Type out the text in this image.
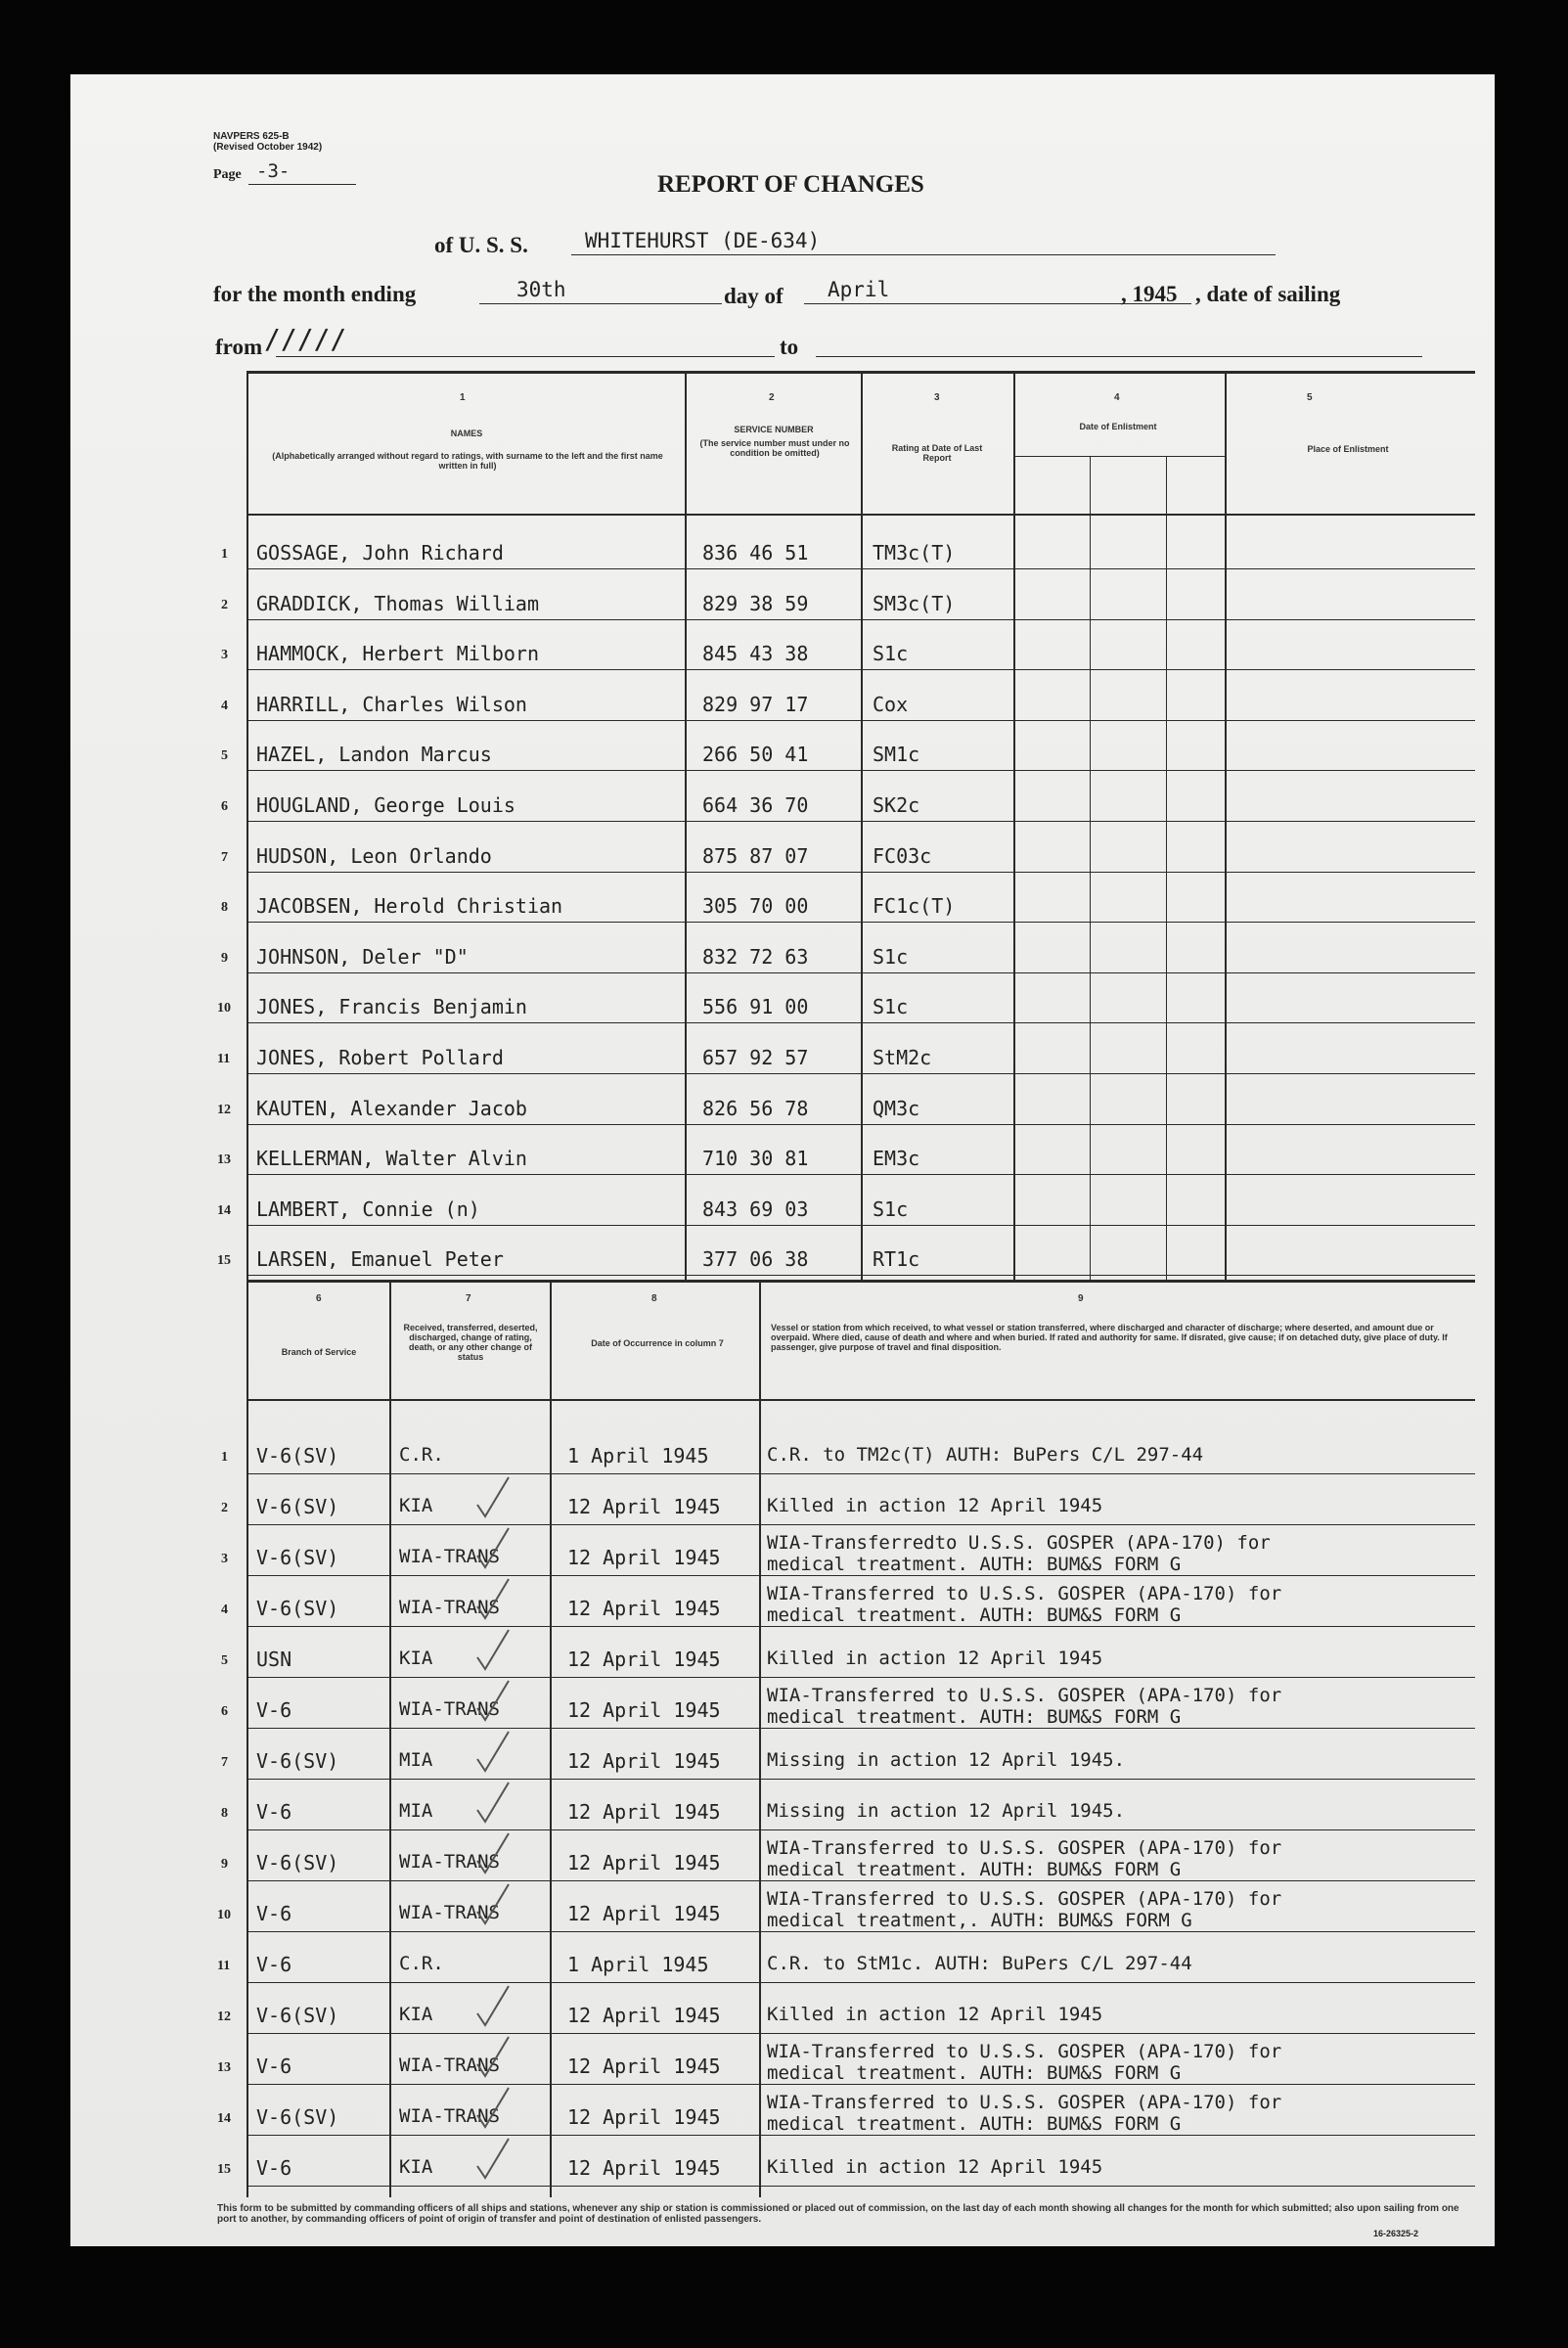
NAVPERS 625-B
(Revised October 1942)
Page -3-	REPORT OF CHANGES
of U. S. S.	WHITEHURST (DE-634)
for the month ending	30th	day of April	, 1945 , date of sailing
from /////	to
1
NAMES
(Alphabetically arranged without regard to ratings, with surname to the left and the first name written in full)
2
SERVICE NUMBER
(The service number must under no condition be omitted)
3
Rating at Date of Last Report
4
Date of Enlistment
5
Place of Enlistment
1 GOSSAGE, John Richard	836 46 51	TM3c(T)
2 GRADDICK, Thomas William	829 38 59	SM3c(T)
3 HAMMOCK, Herbert Milborn	845 43 38	S1c
4 HARRILL, Charles Wilson	829 97 17	Cox
5 HAZEL, Landon Marcus	266 50 41	SM1c
6 HOUGLAND, George Louis	664 36 70	SK2c
7 HUDSON, Leon Orlando	875 87 07	FC03c
8 JACOBSEN, Herold Christian	305 70 00	FC1c(T)
9 JOHNSON, Deler "D"	832 72 63	S1c
10 JONES, Francis Benjamin	556 91 00	S1c
11 JONES, Robert Pollard	657 92 57	StM2c
12 KAUTEN, Alexander Jacob	826 56 78	QM3c
13 KELLERMAN, Walter Alvin	710 30 81	EM3c
14 LAMBERT, Connie (n)	843 69 03	S1c
15 LARSEN, Emanuel Peter	377 06 38	RT1c
6
Branch of Service
7
Received, transferred, deserted, discharged, change of rating, death, or any other change of status
8
Date of Occurrence in column 7
9
Vessel or station from which received, to what vessel or station transferred, where discharged and character of discharge; where deserted, and amount due or overpaid. Where died, cause of death and where and when buried. If rated and authority for same. If disrated, give cause; if on detached duty, give place of duty. If passenger, give purpose of travel and final disposition.
1 V-6(SV)	C.R.	1 April 1945	C.R. to TM2c(T) AUTH: BuPers C/L 297-44
2 V-6(SV)	KIA	12 April 1945 Killed in action 12 April 1945
3 V-6(SV)	WIA-TRANS	12 April 1945
WIA-Transferredto U.S.S. GOSPER (APA-170) for
medical treatment. AUTH: BUM&S FORM G
4 V-6(SV)	WIA-TRANS	12 April 1945
WIA-Transferred to U.S.S. GOSPER (APA-170) for
medical treatment. AUTH: BUM&S FORM G
5 USN	KIA	12 April 1945 Killed in action 12 April 1945
6 V-6	WIA-TRANS	12 April 1945
WIA-Transferred to U.S.S. GOSPER (APA-170) for
medical treatment. AUTH: BUM&S FORM G
7 V-6(SV)	MIA	12 April 1945 Missing in action 12 April 1945.
8 V-6	MIA	12 April 1945 Missing in action 12 April 1945.
9 V-6(SV)	WIA-TRANS	12 April 1945
WIA-Transferred to U.S.S. GOSPER (APA-170) for
medical treatment. AUTH: BUM&S FORM G
10 V-6	WIA-TRANS	12 April 1945
WIA-Transferred to U.S.S. GOSPER (APA-170) for
medical treatment,. AUTH: BUM&S FORM G
11 V-6	C.R.	1 April 1945	C.R. to StM1c. AUTH: BuPers C/L 297-44
12 V-6(SV)	KIA	12 April 1945 Killed in action 12 April 1945
13 V-6	WIA-TRANS	12 April 1945
WIA-Transferred to U.S.S. GOSPER (APA-170) for
medical treatment. AUTH: BUM&S FORM G
14 V-6(SV)	WIA-TRANS	12 April 1945
WIA-Transferred to U.S.S. GOSPER (APA-170) for
medical treatment. AUTH: BUM&S FORM G
15 V-6	KIA	12 April 1945 Killed in action 12 April 1945
This form to be submitted by commanding officers of all ships and stations, whenever any ship or station is commissioned or placed out of commission, on the last day of each month showing all changes for the month for which submitted; also upon sailing from one port to another, by commanding officers of point of origin of transfer and point of destination of enlisted passengers.
16-26325-2
